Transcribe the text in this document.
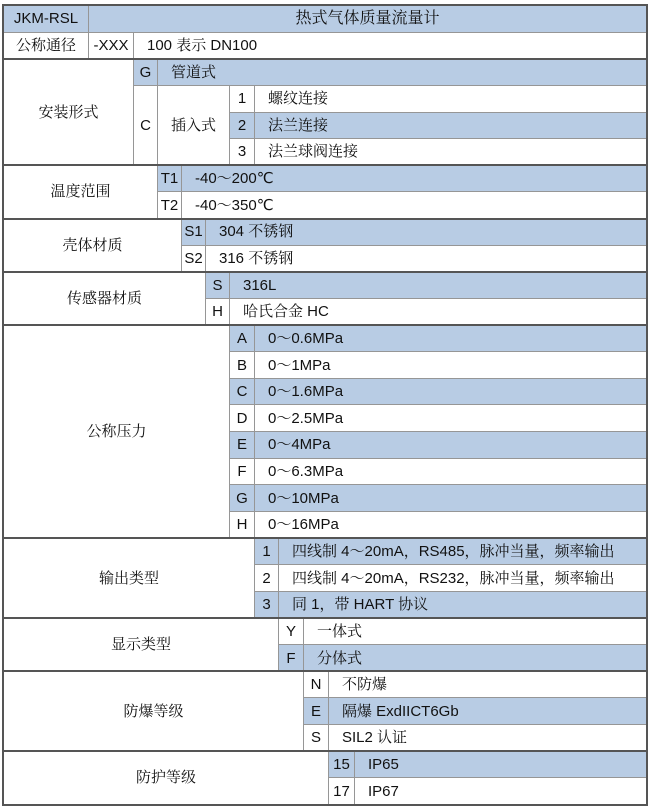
JKM-RSL	热式气体质量流量计
公称通径	-XXX	100 表示 DN100
安装形式
G	管道式
C	插入式
1	螺纹连接
2	法兰连接
3	法兰球阀连接
温度范围
T1	-40～200℃
T2	-40～350℃
壳体材质
S1	304 不锈钢
S2	316 不锈钢
传感器材质
S	316L
H	哈氏合金 HC
公称压力
A	0～0.6MPa
B	0～1MPa
C	0～1.6MPa
D	0～2.5MPa
E	0～4MPa
F	0～6.3MPa
G	0～10MPa
H	0～16MPa
输出类型
1	四线制 4～20mA，RS485，脉冲当量，频率输出
2	四线制 4～20mA，RS232，脉冲当量，频率输出
3	同 1，带 HART 协议
显示类型
Y	一体式
F	分体式
防爆等级
N	不防爆
E	隔爆 ExdIICT6Gb
S	SIL2 认证
防护等级
15	IP65
17	IP67
